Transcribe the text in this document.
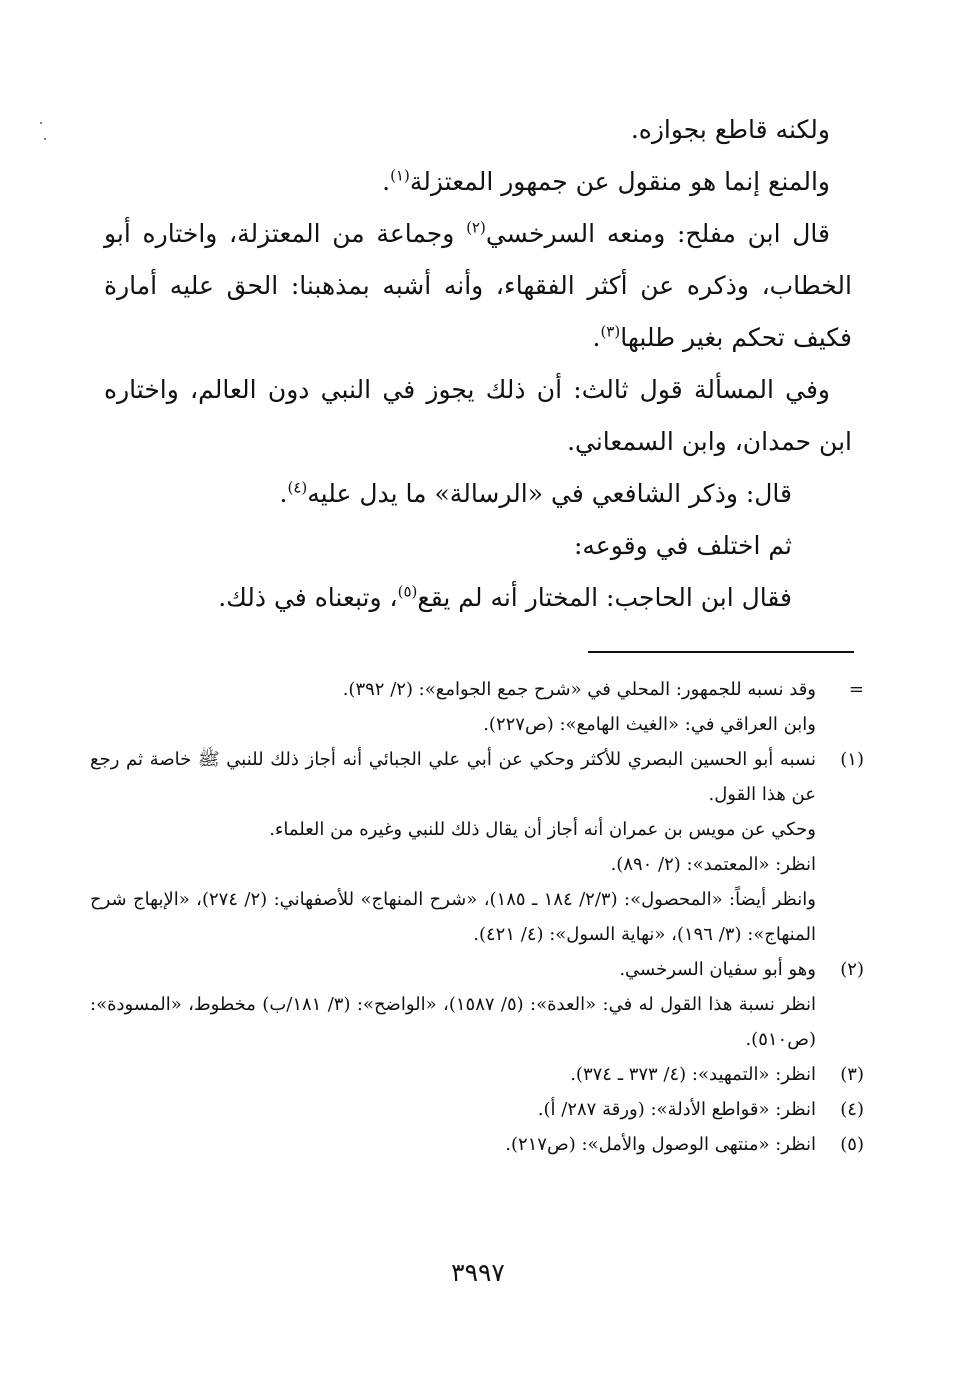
ولكنه قاطع بجوازه.

والمنع إنما هو منقول عن جمهور المعتزلة$^{(١)}$.

قال ابن مفلح: ومنعه السرخسي$^{(٢)}$ وجماعة من المعتزلة، واختاره أبو الخطاب، وذكره عن أكثر الفقهاء، وأنه أشبه بمذهبنا: الحق عليه أمارة فكيف تحكم بغير طلبها$^{(٣)}$.

وفي المسألة قول ثالث: أن ذلك يجوز في النبي دون العالم، واختاره ابن حمدان، وابن السمعاني.

قال: وذكر الشافعي في «الرسالة» ما يدل عليه$^{(٤)}$.

ثم اختلف في وقوعه:

فقال ابن الحاجب: المختار أنه لم يقع$^{(٥)}$، وتبعناه في ذلك.

=

وقد نسبه للجمهور: المحلي في «شرح جمع الجوامع»: (٢/ ٣٩٢).

وابن العراقي في: «الغيث الهامع»: (ص٢٢٧).

(١)

نسبه أبو الحسين البصري للأكثر وحكي عن أبي علي الجبائي أنه أجاز ذلك للنبي ﷺ خاصة ثم رجع عن هذا القول.

وحكي عن مويس بن عمران أنه أجاز أن يقال ذلك للنبي وغيره من العلماء.

انظر: «المعتمد»: (٢/ ٨٩٠).

وانظر أيضاً: «المحصول»: (٢/٣/ ١٨٤ ـ ١٨٥)، «شرح المنهاج» للأصفهاني: (٢/ ٢٧٤)، «الإبهاج شرح المنهاج»: (٣/ ١٩٦)، «نهاية السول»: (٤/ ٤٢١).

(٢)

وهو أبو سفيان السرخسي.

انظر نسبة هذا القول له في: «العدة»: (٥/ ١٥٨٧)، «الواضح»: (٣/ ١٨١/ب) مخطوط، «المسودة»: (ص٥١٠).

(٣)

انظر: «التمهيد»: (٤/ ٣٧٣ ـ ٣٧٤).

(٤)

انظر: «قواطع الأدلة»: (ورقة ٢٨٧/ أ).

(٥)

انظر: «منتهى الوصول والأمل»: (ص٢١٧).

٣٩٩٧
